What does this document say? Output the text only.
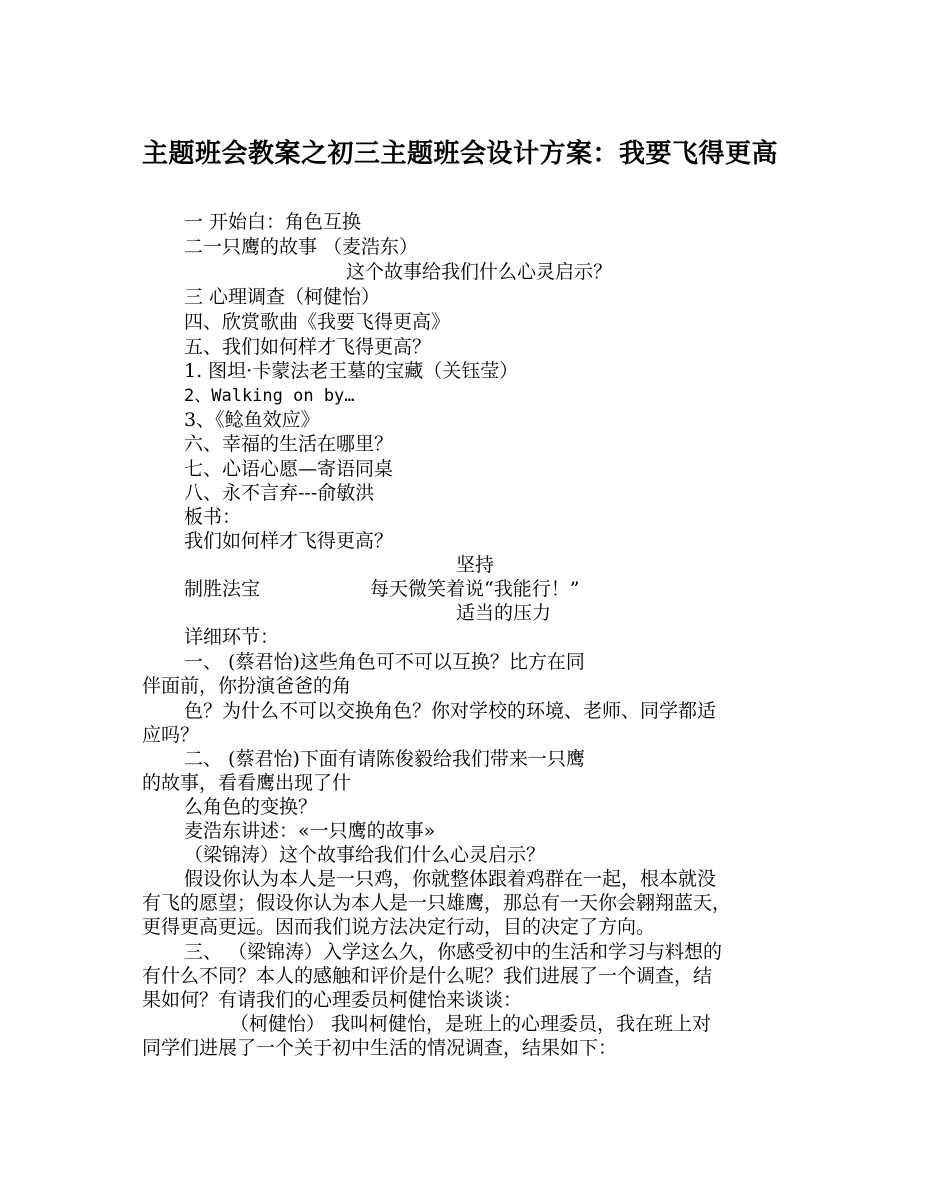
主题班会教案之初三主题班会设计方案：我要飞得更高
一 开始白：角色互换
二一只鹰的故事 （麦浩东）
这个故事给我们什么心灵启示？
三 心理调查（柯健怡）
四、欣赏歌曲《我要飞得更高》
五、我们如何样才飞得更高？
1. 图坦·卡蒙法老王墓的宝藏（关钰莹）
2、Walking on by…
3、《鲶鱼效应》
六、幸福的生活在哪里？
七、心语心愿—寄语同桌
八、永不言弃---俞敏洪
板书：
我们如何样才飞得更高？
坚持
制胜法宝	每天微笑着说“我能行！”
适当的压力
详细环节：
一、 (蔡君怡)这些角色可不可以互换？比方在同
伴面前，你扮演爸爸的角
色？为什么不可以交换角色？你对学校的环境、老师、同学都适
应吗？
二、 (蔡君怡)下面有请陈俊毅给我们带来一只鹰
的故事，看看鹰出现了什
么角色的变换？
麦浩东讲述：«一只鹰的故事»
（梁锦涛）这个故事给我们什么心灵启示？
假设你认为本人是一只鸡，你就整体跟着鸡群在一起，根本就没
有飞的愿望；假设你认为本人是一只雄鹰，那总有一天你会翱翔蓝天，
更得更高更远。因而我们说方法决定行动，目的决定了方向。
三、 （梁锦涛）入学这么久，你感受初中的生活和学习与料想的
有什么不同？本人的感触和评价是什么呢？我们进展了一个调查，结
果如何？有请我们的心理委员柯健怡来谈谈：
（柯健怡） 我叫柯健怡，是班上的心理委员，我在班上对
同学们进展了一个关于初中生活的情况调查，结果如下：
